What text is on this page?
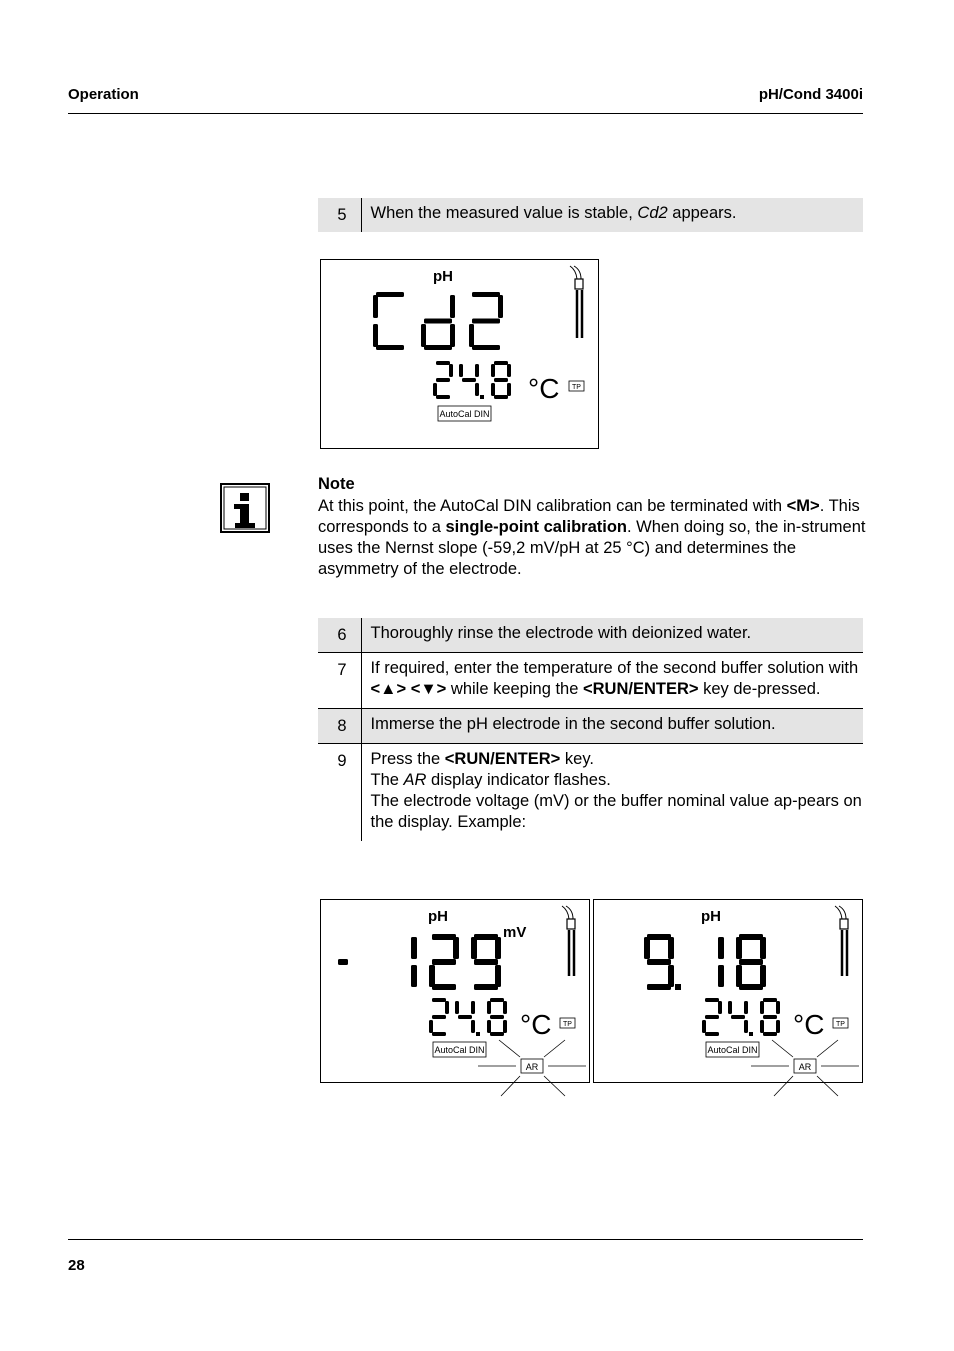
Operation	pH/Cond 3400i
5	When the measured value is stable, Cd2 appears.
pH
°C TP
AutoCal DIN
Note
At this point, the AutoCal DIN calibration can be terminated with <M>. This corresponds to a single-point calibration. When doing so, the in-strument uses the Nernst slope (-59,2 mV/pH at 25 °C) and determines the asymmetry of the electrode.
6	Thoroughly rinse the electrode with deionized water.
7	If required, enter the temperature of the second buffer solution with <▲> <▼> while keeping the <RUN/ENTER> key de-pressed.
8	Immerse the pH electrode in the second buffer solution.
9	Press the <RUN/ENTER> key.
The AR display indicator flashes.
The electrode voltage (mV) or the buffer nominal value ap-pears on the display. Example:
pH
mV
°C TP
AutoCal DIN
AR
pH
°C TP
AutoCal DIN
AR
28
